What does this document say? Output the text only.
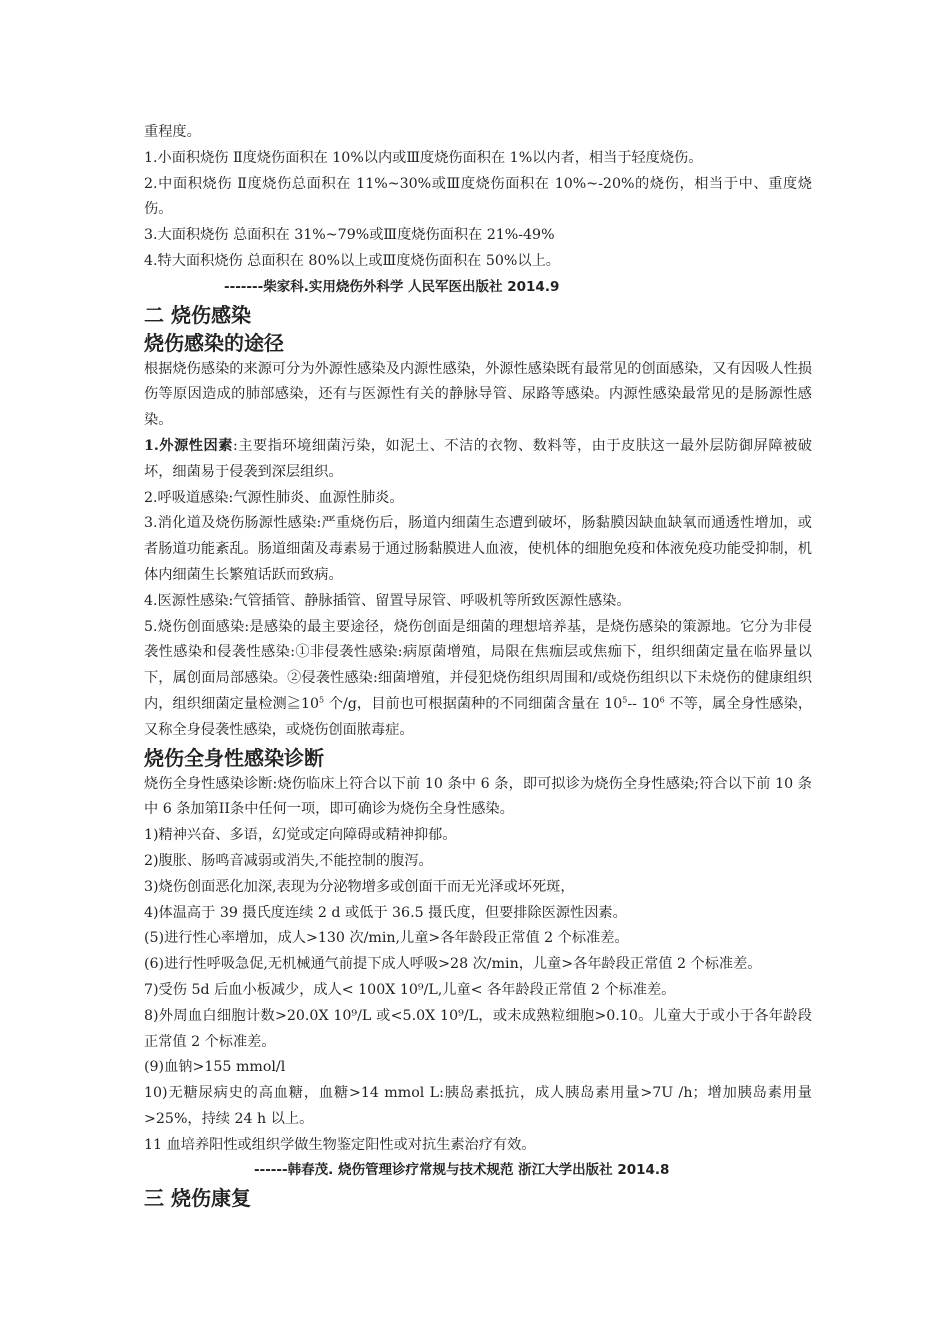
重程度。

1.小面积烧伤 Ⅱ度烧伤面积在 10%以内或Ⅲ度烧伤面积在 1%以内者，相当于轻度烧伤。

2.中面积烧伤 Ⅱ度烧伤总面积在 11%~30%或Ⅲ度烧伤面积在 10%~-20%的烧伤，相当于中、重度烧伤。

3.大面积烧伤 总面积在 31%~79%或Ⅲ度烧伤面积在 21%-49%

4.特大面积烧伤 总面积在 80%以上或Ⅲ度烧伤面积在 50%以上。

-------柴家科.实用烧伤外科学 人民军医出版社 2014.9

二 烧伤感染
烧伤感染的途径

根据烧伤感染的来源可分为外源性感染及内源性感染，外源性感染既有最常见的创面感染，又有因吸人性损伤等原因造成的肺部感染，还有与医源性有关的静脉导管、尿路等感染。内源性感染最常见的是肠源性感染。

1.外源性因素:主要指环境细菌污染，如泥土、不洁的衣物、数料等，由于皮肤这一最外层防御屏障被破坏，细菌易于侵袭到深层组织。

2.呼吸道感染:气源性肺炎、血源性肺炎。

3.消化道及烧伤肠源性感染:严重烧伤后，肠道内细菌生态遭到破坏，肠黏膜因缺血缺氧而通透性增加，或者肠道功能紊乱。肠道细菌及毒素易于通过肠黏膜进人血液，使机体的细胞免疫和体液免疫功能受抑制，机体内细菌生长繁殖话跃而致病。

4.医源性感染:气管插管、静脉插管、留置导尿管、呼吸机等所致医源性感染。

5.烧伤创面感染:是感染的最主要途径，烧伤创面是细菌的理想培养基，是烧伤感染的策源地。它分为非侵袭性感染和侵袭性感染:①非侵袭性感染:病原菌增殖，局限在焦痂层或焦痂下，组织细菌定量在临界量以下，属创面局部感染。②侵袭性感染:细菌增殖，并侵犯烧伤组织周围和/或烧伤组织以下未烧伤的健康组织内，组织细菌定量检测$≧10^5$ 个/g，目前也可根据菌种的不同细菌含量在 $10^5--$ $10^6$ 不等，属全身性感染，又称全身侵袭性感染，或烧伤创面脓毒症。

烧伤全身性感染诊断

烧伤全身性感染诊断:烧伤临床上符合以下前 10 条中 6 条，即可拟诊为烧伤全身性感染;符合以下前 10 条中 6 条加第II条中任何一项，即可确诊为烧伤全身性感染。

1)精神兴奋、多语，幻觉或定向障碍或精神抑郁。

2)腹胀、肠鸣音减弱或消失,不能控制的腹泻。

3)烧伤创面恶化加深,表现为分泌物增多或创面干而无光泽或坏死斑，

4)体温高于 39 摄氏度连续 2 d 或低于 36.5 摄氏度，但要排除医源性因素。

(5)进行性心率增加，成人>130 次/min,儿童>各年龄段正常值 2 个标准差。

(6)进行性呼吸急促,无机械通气前提下成人呼吸>28 次/min，儿童>各年龄段正常值 2 个标准差。

7)受伤 5d 后血小板减少，成人< 100X 10⁹/L,儿童< 各年龄段正常值 2 个标准差。

8)外周血白细胞计数>20.0X 10⁹/L 或<5.0X 10⁹/L，或未成熟粒细胞>0.10。儿童大于或小于各年龄段正常值 2 个标准差。

(9)血钠>155 mmol/l

10)无糖尿病史的高血糖，血糖>14 mmol L:胰岛素抵抗，成人胰岛素用量>7U /h；增加胰岛素用量>25%，持续 24 h 以上。

11 血培养阳性或组织学做生物鉴定阳性或对抗生素治疗有效。

------韩春茂. 烧伤管理诊疗常规与技术规范 浙江大学出版社 2014.8

三 烧伤康复
